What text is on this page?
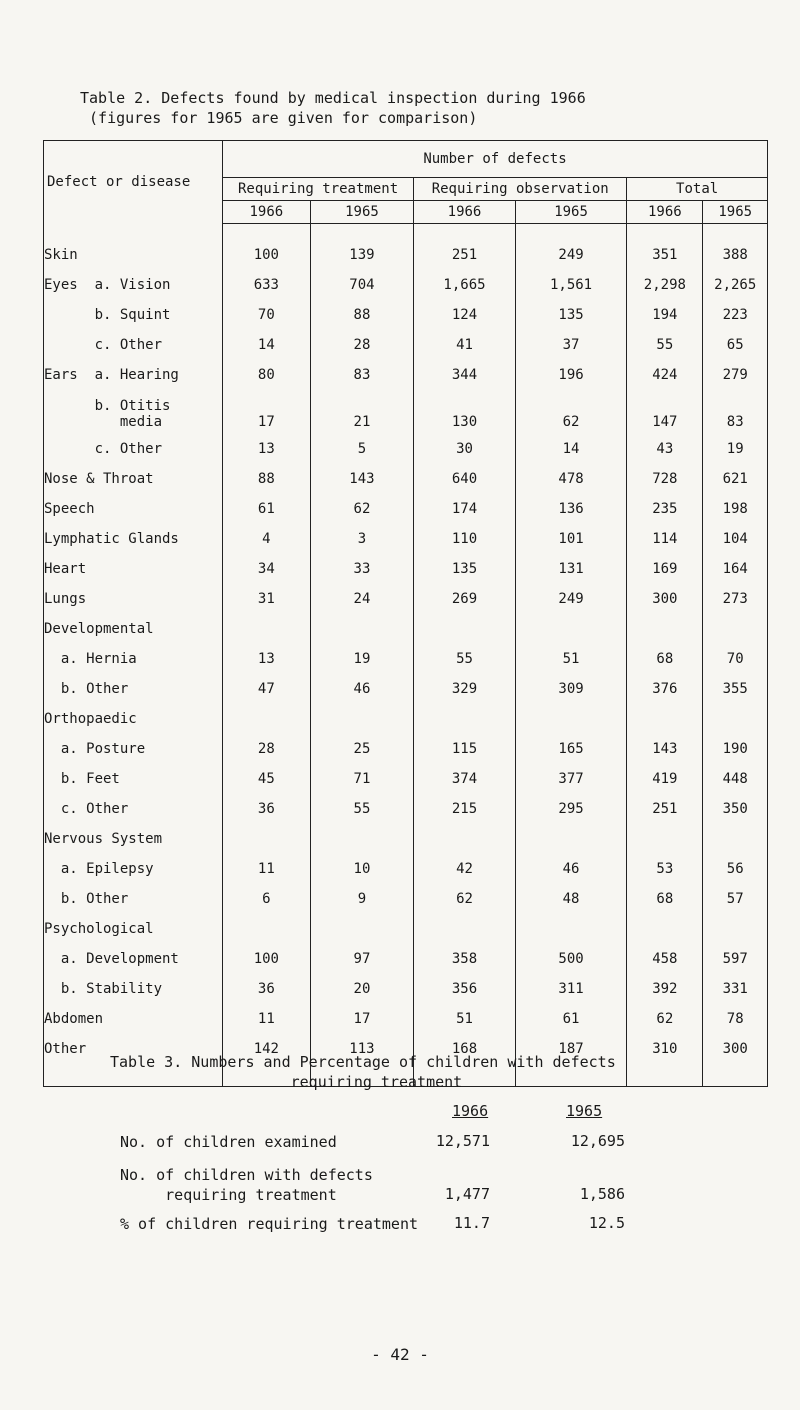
Table 2. Defects found by medical inspection during 1966
(figures for 1965 are given for comparison)
Defect or disease	Number of defects					
	Requiring treatment		Requiring observation		Total	
	1966	1965	1966	1965	1966	1965

Skin	100	139	251	249	351	388
Eyes  a. Vision	633	704	1,665	1,561	2,298	2,265
b. Squint	70	88	124	135	194	223
c. Other	14	28	41	37	55	65
Ears  a. Hearing	80	83	344	196	424	279
b. Otitis
media	17	21	130	62	147	83
c. Other	13	5	30	14	43	19
Nose & Throat	88	143	640	478	728	621
Speech	61	62	174	136	235	198
Lymphatic Glands	4	3	110	101	114	104
Heart	34	33	135	131	169	164
Lungs	31	24	269	249	300	273
Developmental						
a. Hernia	13	19	55	51	68	70
b. Other	47	46	329	309	376	355
Orthopaedic						
a. Posture	28	25	115	165	143	190
b. Feet	45	71	374	377	419	448
c. Other	36	55	215	295	251	350
Nervous System						
a. Epilepsy	11	10	42	46	53	56
b. Other	6	9	62	48	68	57
Psychological						
a. Development	100	97	358	500	458	597
b. Stability	36	20	356	311	392	331
Abdomen	11	17	51	61	62	78
Other	142	113	168	187	310	300

Table 3. Numbers and Percentage of children with defects
requiring treatment
1966	1965
No. of children examined	12,571	12,695
No. of children with defects
requiring treatment	1,477	1,586
% of children requiring treatment	11.7	12.5
- 42 -
